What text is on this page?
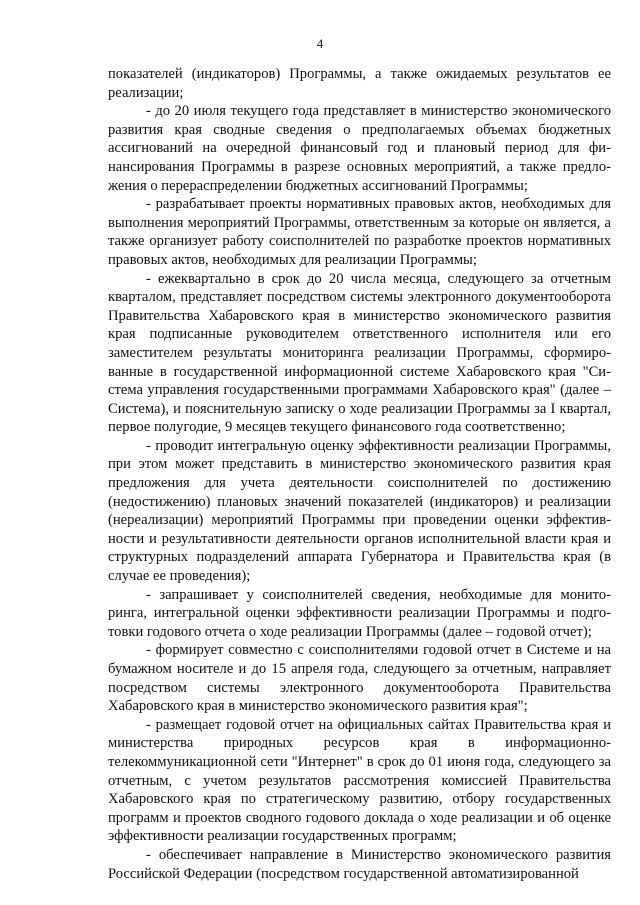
4

показателей (индикаторов) Программы, а также ожидаемых результатов ее реализации;

- до 20 июля текущего года представляет в министерство экономического развития края сводные сведения о предполагаемых объемах бюджетных ассигнований на очередной финансовый год и плановый период для финансирования Программы в разрезе основных мероприятий, а также предложения о перераспределении бюджетных ассигнований Программы;

- разрабатывает проекты нормативных правовых актов, необходимых для выполнения мероприятий Программы, ответственным за которые он является, а также организует работу соисполнителей по разработке проектов нормативных правовых актов, необходимых для реализации Программы;

- ежеквартально в срок до 20 числа месяца, следующего за отчетным кварталом, представляет посредством системы электронного документооборота Правительства Хабаровского края в министерство экономического развития края подписанные руководителем ответственного исполнителя или его заместителем результаты мониторинга реализации Программы, сформированные в государственной информационной системе Хабаровского края "Система управления государственными программами Хабаровского края" (далее – Система), и пояснительную записку о ходе реализации Программы за I квартал, первое полугодие, 9 месяцев текущего финансового года соответственно;

- проводит интегральную оценку эффективности реализации Программы, при этом может представить в министерство экономического развития края предложения для учета деятельности соисполнителей по достижению (недостижению) плановых значений показателей (индикаторов) и реализации (нереализации) мероприятий Программы при проведении оценки эффективности и результативности деятельности органов исполнительной власти края и структурных подразделений аппарата Губернатора и Правительства края (в случае ее проведения);

- запрашивает у соисполнителей сведения, необходимые для мониторинга, интегральной оценки эффективности реализации Программы и подготовки годового отчета о ходе реализации Программы (далее – годовой отчет);

- формирует совместно с соисполнителями годовой отчет в Системе и на бумажном носителе и до 15 апреля года, следующего за отчетным, направляет посредством системы электронного документооборота Правительства Хабаровского края в министерство экономического развития края";

- размещает годовой отчет на официальных сайтах Правительства края и министерства природных ресурсов края в информационно-телекоммуникационной сети "Интернет" в срок до 01 июня года, следующего за отчетным, с учетом результатов рассмотрения комиссией Правительства Хабаровского края по стратегическому развитию, отбору государственных программ и проектов сводного годового доклада о ходе реализации и об оценке эффективности реализации государственных программ;

- обеспечивает направление в Министерство экономического развития Российской Федерации (посредством государственной автоматизированной
